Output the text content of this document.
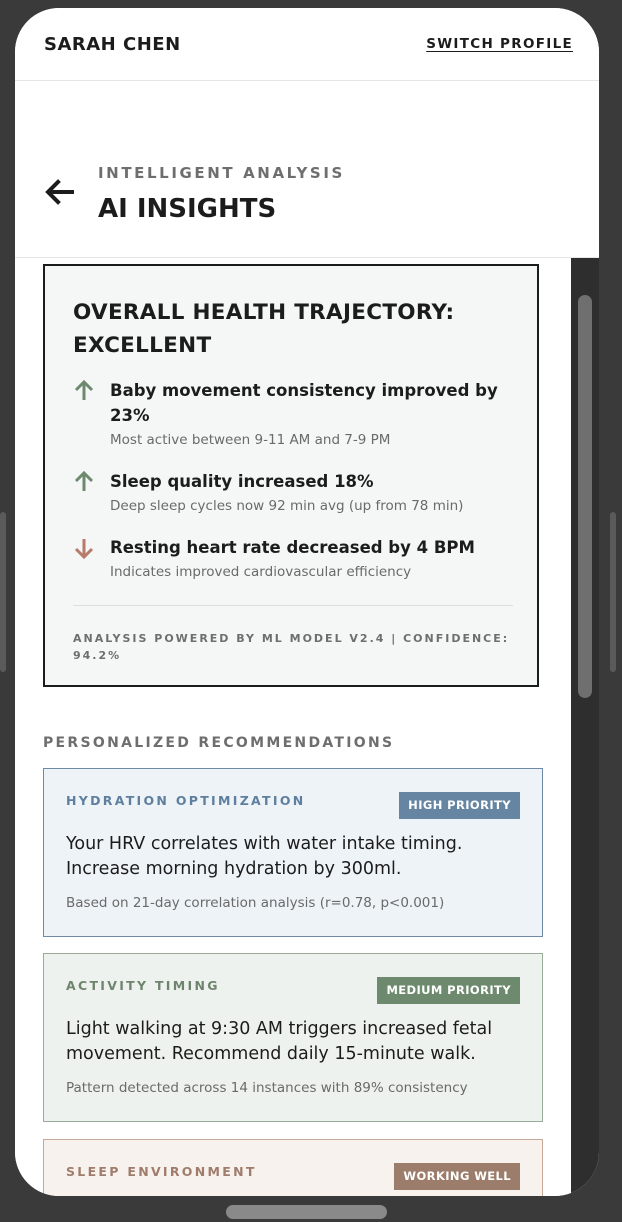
SARAH CHEN	SWITCH PROFILE
INTELLIGENT ANALYSIS
AI INSIGHTS
OVERALL HEALTH TRAJECTORY: EXCELLENT
Baby movement consistency improved by 23%
Most active between 9-11 AM and 7-9 PM
Sleep quality increased 18%
Deep sleep cycles now 92 min avg (up from 78 min)
Resting heart rate decreased by 4 BPM
Indicates improved cardiovascular efficiency
ANALYSIS POWERED BY ML MODEL V2.4 | CONFIDENCE: 94.2%
PERSONALIZED RECOMMENDATIONS
HYDRATION OPTIMIZATION	HIGH PRIORITY
Your HRV correlates with water intake timing. Increase morning hydration by 300ml.
Based on 21-day correlation analysis (r=0.78, p<0.001)
ACTIVITY TIMING	MEDIUM PRIORITY
Light walking at 9:30 AM triggers increased fetal movement. Recommend daily 15-minute walk.
Pattern detected across 14 instances with 89% consistency
SLEEP ENVIRONMENT	WORKING WELL
